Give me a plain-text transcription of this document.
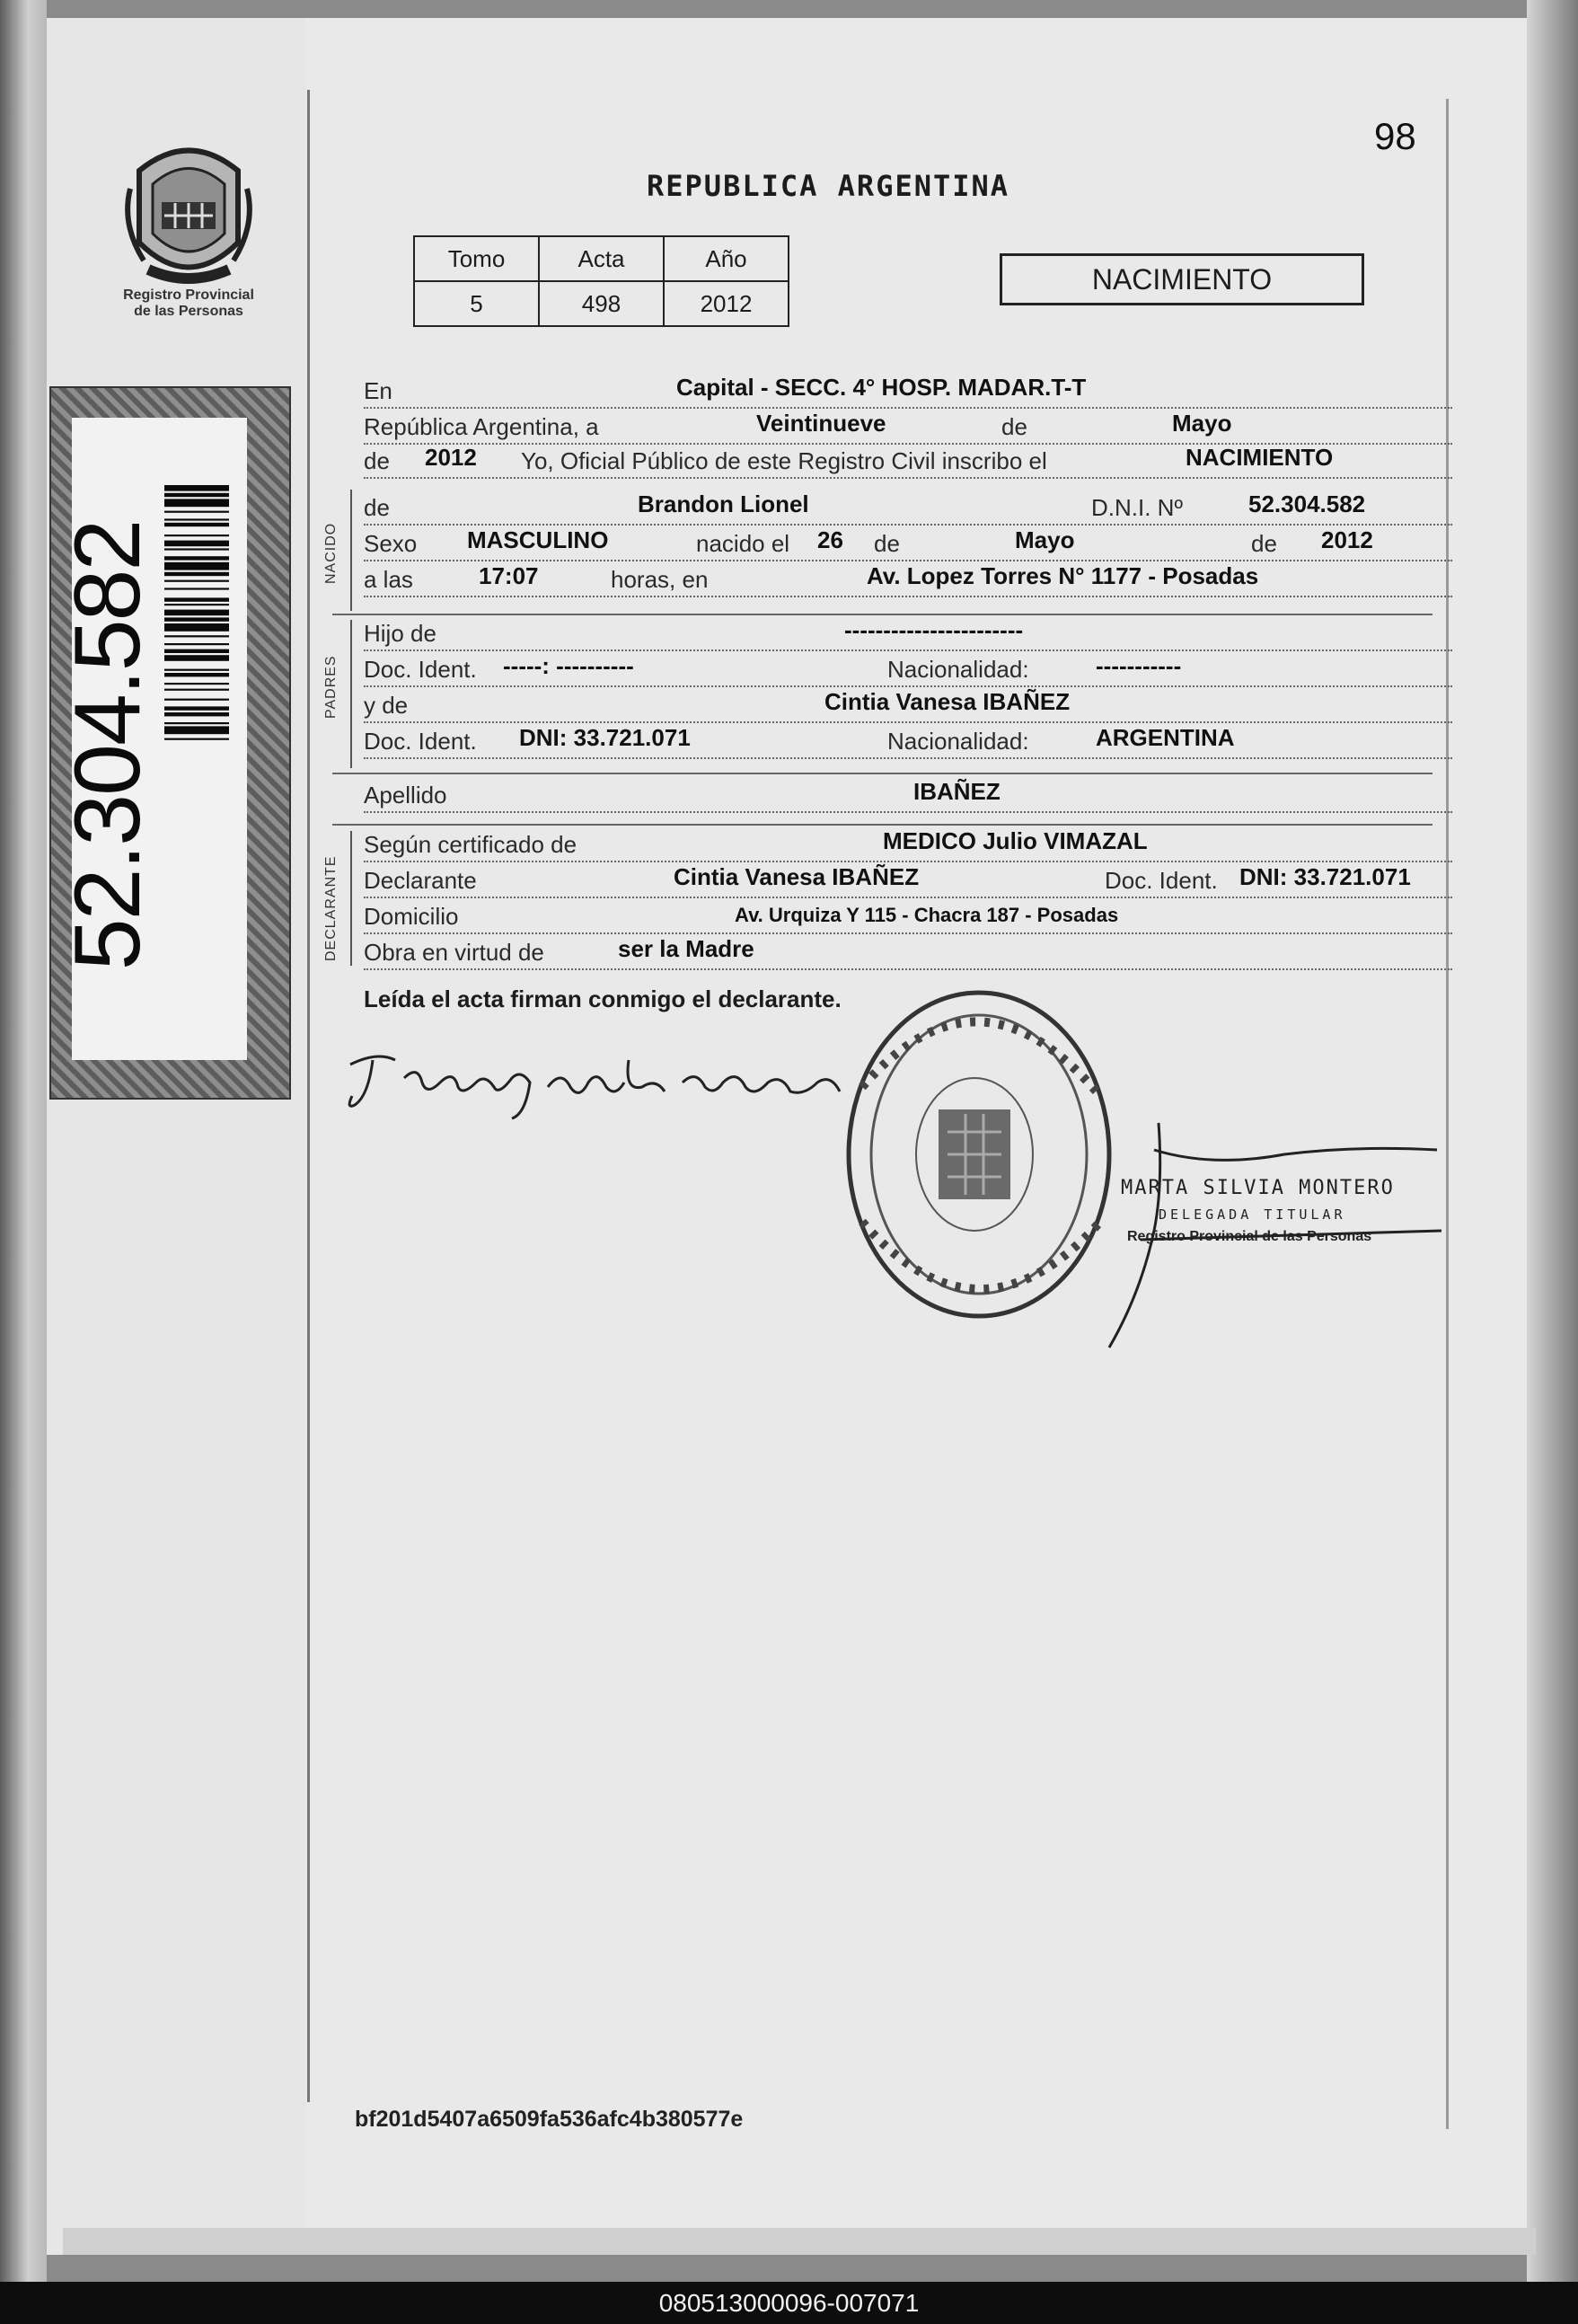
Registro Provincial
de las Personas
52.304.582
98
REPUBLICA ARGENTINA
Tomo	Acta	Año
5	498	2012
NACIMIENTO
En	Capital - SECC. 4° HOSP. MADAR.T-T
República Argentina, a	Veintinueve	de	Mayo
de 2012 Yo, Oficial Público de este Registro Civil inscribo el	NACIMIENTO
de	Brandon Lionel	D.N.I. Nº	52.304.582
Sexo MASCULINO	nacido el 26 de	Mayo	de 2012
a las	17:07	horas, en	Av. Lopez Torres N° 1177 - Posadas
Hijo de	-----------------------
Doc. Ident. -----: ----------	Nacionalidad:	-----------
y de	Cintia Vanesa IBAÑEZ
Doc. Ident. DNI: 33.721.071	Nacionalidad:	ARGENTINA
Apellido	IBAÑEZ
Según certificado de	MEDICO Julio VIMAZAL
Declarante	Cintia Vanesa IBAÑEZ	Doc. Ident. DNI: 33.721.071
Domicilio	Av. Urquiza Y 115 - Chacra 187 - Posadas
Obra en virtud de	ser la Madre
NACIDO
PADRES
DECLARANTE
Leída el acta firman conmigo el declarante.
MARTA SILVIA MONTERO
DELEGADA TITULAR
Registro Provincial de las Personas
bf201d5407a6509fa536afc4b380577e
080513000096-007071
